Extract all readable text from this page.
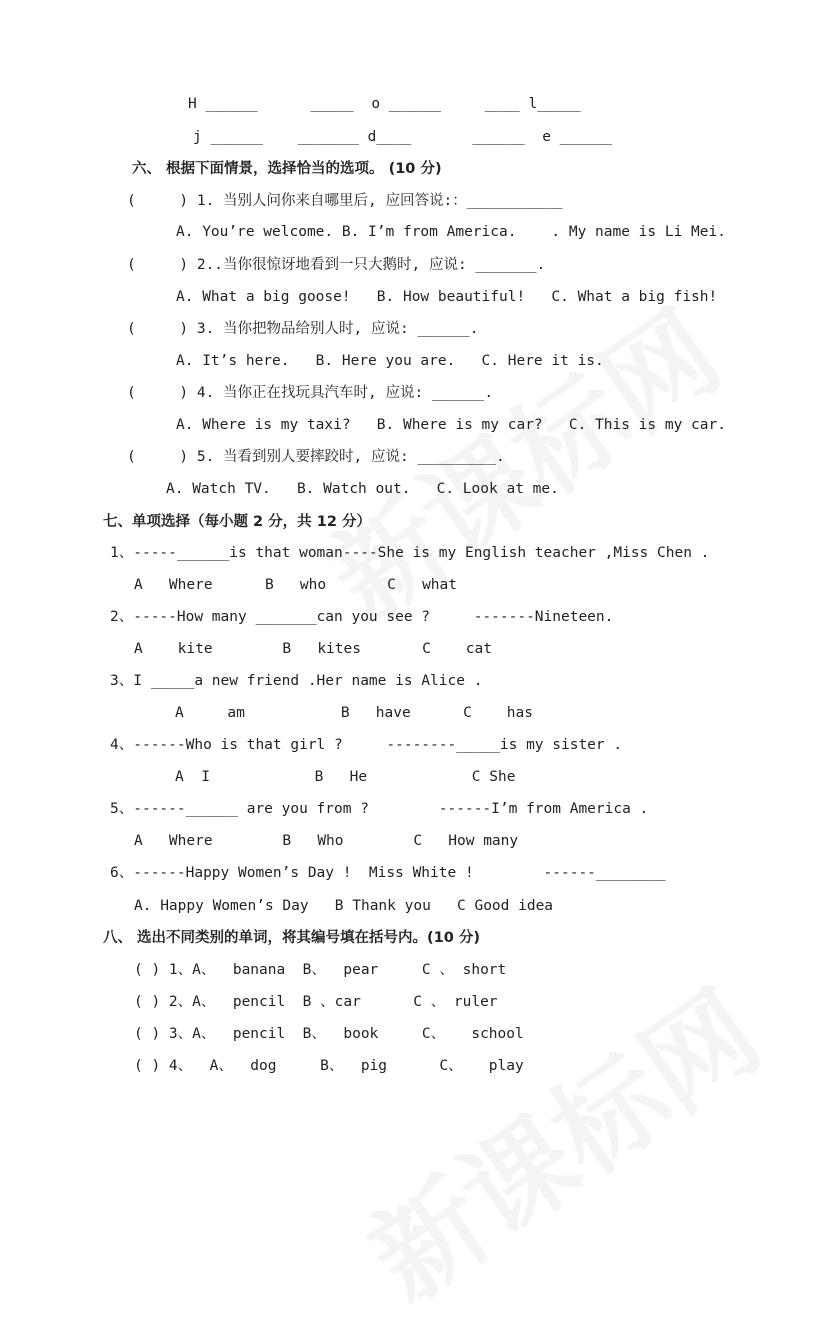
H ______      _____  o ______     ____ l_____
j ______    _______ d____       ______  e ______
六、 根据下面情景，选择恰当的选项。 (10 分)
(     ) 1. 当别人问你来自哪里后, 应回答说:：___________
A. You’re welcome. B. I’m from America.    . My name is Li Mei.
(     ) 2..当你很惊讶地看到一只大鹅时, 应说: _______.
A. What a big goose!   B. How beautiful!   C. What a big fish!
(     ) 3. 当你把物品给别人时, 应说: ______.
A. It’s here.   B. Here you are.   C. Here it is.
(     ) 4. 当你正在找玩具汽车时, 应说: ______.
A. Where is my taxi?   B. Where is my car?   C. This is my car.
(     ) 5. 当看到别人要摔跤时, 应说: _________.
A. Watch TV.   B. Watch out.   C. Look at me.
七、单项选择（每小题 2 分，共 12 分）
1、-----______is that woman----She is my English teacher ,Miss Chen .
A   Where      B   who       C   what
2、-----How many _______can you see ?     -------Nineteen.
A    kite        B   kites       C    cat
3、I _____a new friend .Her name is Alice .
A     am           B   have      C    has
4、------Who is that girl ?     --------_____is my sister .
A  I            B   He            C She
5、------______ are you from ?        ------I’m from America .
A   Where        B   Who        C   How many
6、------Happy Women’s Day !  Miss White !        ------________
A. Happy Women’s Day   B Thank you   C Good idea
八、 选出不同类别的单词，将其编号填在括号内。(10 分)
( ) 1、A、  banana  B、  pear     C 、 short
( ) 2、A、  pencil  B 、car      C 、 ruler
( ) 3、A、  pencil  B、  book     C、   school
( ) 4、  A、  dog     B、  pig      C、   play
